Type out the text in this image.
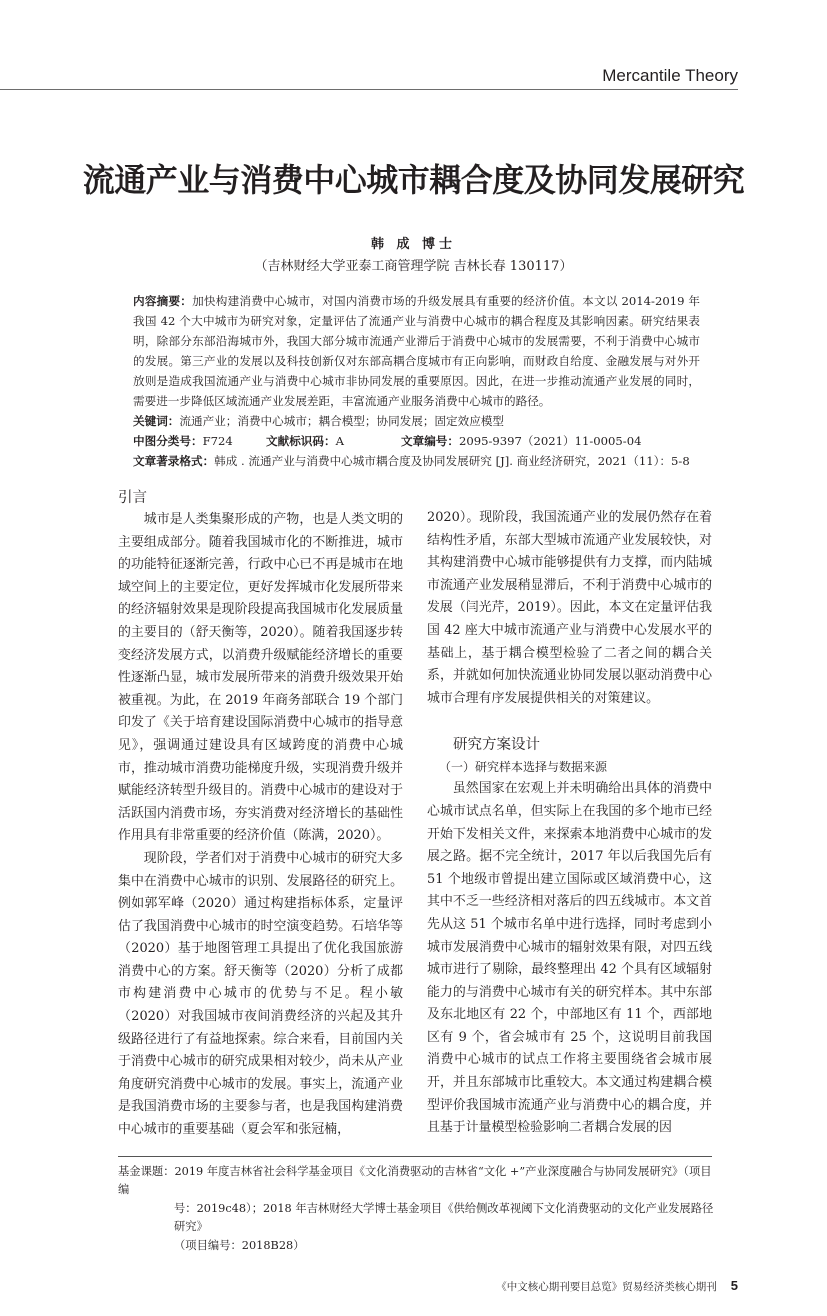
Mercantile Theory
流通产业与消费中心城市耦合度及协同发展研究
韩 成 博士
（吉林财经大学亚泰工商管理学院 吉林长春 130117）
内容摘要：加快构建消费中心城市，对国内消费市场的升级发展具有重要的经济价值。本文以 2014-2019 年我国 42 个大中城市为研究对象，定量评估了流通产业与消费中心城市的耦合程度及其影响因素。研究结果表明，除部分东部沿海城市外，我国大部分城市流通产业滞后于消费中心城市的发展需要，不利于消费中心城市的发展。第三产业的发展以及科技创新仅对东部高耦合度城市有正向影响，而财政自给度、金融发展与对外开放则是造成我国流通产业与消费中心城市非协同发展的重要原因。因此，在进一步推动流通产业发展的同时，需要进一步降低区域流通产业发展差距，丰富流通产业服务消费中心城市的路径。
关键词：流通产业；消费中心城市；耦合模型；协同发展；固定效应模型
中图分类号：F724	文献标识码：A	文章编号：2095-9397（2021）11-0005-04
文章著录格式：韩成 . 流通产业与消费中心城市耦合度及协同发展研究 [J]. 商业经济研究，2021（11）：5-8
引言

城市是人类集聚形成的产物，也是人类文明的主要组成部分。随着我国城市化的不断推进，城市的功能特征逐渐完善，行政中心已不再是城市在地域空间上的主要定位，更好发挥城市化发展所带来的经济辐射效果是现阶段提高我国城市化发展质量的主要目的（舒天衡等，2020）。随着我国逐步转变经济发展方式，以消费升级赋能经济增长的重要性逐渐凸显，城市发展所带来的消费升级效果开始被重视。为此，在 2019 年商务部联合 19 个部门印发了《关于培育建设国际消费中心城市的指导意见》，强调通过建设具有区域跨度的消费中心城市，推动城市消费功能梯度升级，实现消费升级并赋能经济转型升级目的。消费中心城市的建设对于活跃国内消费市场，夯实消费对经济增长的基础性作用具有非常重要的经济价值（陈满，2020）。

现阶段，学者们对于消费中心城市的研究大多集中在消费中心城市的识别、发展路径的研究上。例如郭军峰（2020）通过构建指标体系，定量评估了我国消费中心城市的时空演变趋势。石培华等（2020）基于地图管理工具提出了优化我国旅游消费中心的方案。舒天衡等（2020）分析了成都市构建消费中心城市的优势与不足。程小敏（2020）对我国城市夜间消费经济的兴起及其升级路径进行了有益地探索。综合来看，目前国内关于消费中心城市的研究成果相对较少，尚未从产业角度研究消费中心城市的发展。事实上，流通产业是我国消费市场的主要参与者，也是我国构建消费中心城市的重要基础（夏会军和张冠楠，

2020）。现阶段，我国流通产业的发展仍然存在着结构性矛盾，东部大型城市流通产业发展较快，对其构建消费中心城市能够提供有力支撑，而内陆城市流通产业发展稍显滞后，不利于消费中心城市的发展（闫光芹，2019）。因此，本文在定量评估我国 42 座大中城市流通产业与消费中心发展水平的基础上，基于耦合模型检验了二者之间的耦合关系，并就如何加快流通业协同发展以驱动消费中心城市合理有序发展提供相关的对策建议。

研究方案设计
（一）研究样本选择与数据来源

虽然国家在宏观上并未明确给出具体的消费中心城市试点名单，但实际上在我国的多个地市已经开始下发相关文件，来探索本地消费中心城市的发展之路。据不完全统计，2017 年以后我国先后有 51 个地级市曾提出建立国际或区域消费中心，这其中不乏一些经济相对落后的四五线城市。本文首先从这 51 个城市名单中进行选择，同时考虑到小城市发展消费中心城市的辐射效果有限，对四五线城市进行了剔除，最终整理出 42 个具有区域辐射能力的与消费中心城市有关的研究样本。其中东部及东北地区有 22 个，中部地区有 11 个，西部地区有 9 个，省会城市有 25 个，这说明目前我国消费中心城市的试点工作将主要围绕省会城市展开，并且东部城市比重较大。本文通过构建耦合模型评价我国城市流通产业与消费中心的耦合度，并且基于计量模型检验影响二者耦合发展的因

基金课题：2019 年度吉林省社会科学基金项目《文化消费驱动的吉林省“文化 +”产业深度融合与协同发展研究》（项目编
号：2019c48）；2018 年吉林财经大学博士基金项目《供给侧改革视阈下文化消费驱动的文化产业发展路径研究》
（项目编号：2018B28）
《中文核心期刊要目总览》贸易经济类核心期刊 5
